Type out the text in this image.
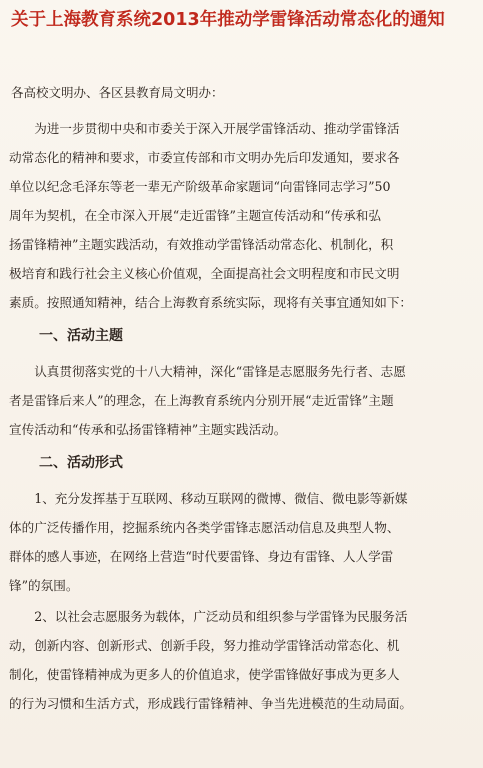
关于上海教育系统2013年推动学雷锋活动常态化的通知
各高校文明办、各区县教育局文明办：
　　为进一步贯彻中央和市委关于深入开展学雷锋活动、推动学雷锋活
动常态化的精神和要求，市委宣传部和市文明办先后印发通知，要求各
单位以纪念毛泽东等老一辈无产阶级革命家题词“向雷锋同志学习”50
周年为契机，在全市深入开展“走近雷锋”主题宣传活动和“传承和弘
扬雷锋精神”主题实践活动，有效推动学雷锋活动常态化、机制化，积
极培育和践行社会主义核心价值观，全面提高社会文明程度和市民文明
素质。按照通知精神，结合上海教育系统实际，现将有关事宜通知如下：
一、活动主题
　　认真贯彻落实党的十八大精神，深化“雷锋是志愿服务先行者、志愿
者是雷锋后来人”的理念，在上海教育系统内分别开展“走近雷锋”主题
宣传活动和“传承和弘扬雷锋精神”主题实践活动。
二、活动形式
　　1、充分发挥基于互联网、移动互联网的微博、微信、微电影等新媒
体的广泛传播作用，挖掘系统内各类学雷锋志愿活动信息及典型人物、
群体的感人事迹，在网络上营造“时代要雷锋、身边有雷锋、人人学雷
锋”的氛围。
　　2、以社会志愿服务为载体，广泛动员和组织参与学雷锋为民服务活
动，创新内容、创新形式、创新手段，努力推动学雷锋活动常态化、机
制化，使雷锋精神成为更多人的价值追求，使学雷锋做好事成为更多人
的行为习惯和生活方式，形成践行雷锋精神、争当先进模范的生动局面。
